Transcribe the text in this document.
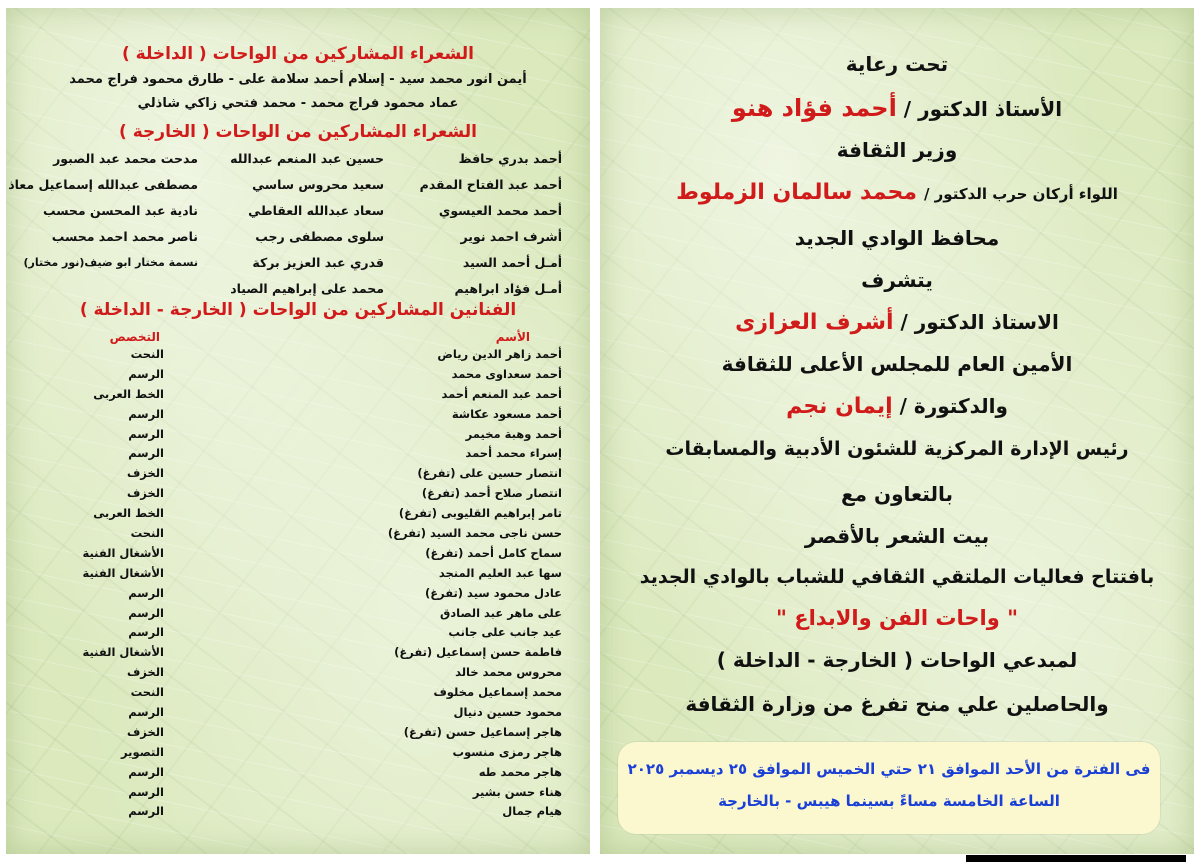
الشعراء المشاركين من الواحات ( الداخلة )
أيمن انور محمد سيد - إسلام أحمد سلامة على - طارق محمود فراج محمد
عماد محمود فراج محمد - محمد فتحي زاكي شاذلي
الشعراء المشاركين من الواحات ( الخارجة )
أحمد بدري حافظ
أحمد عبد الفتاح المقدم
أحمد محمد العيسوي
أشرف احمد نوير
أمـل أحمد السيد
أمـل فؤاد ابراهيم
حسين عبد المنعم عبدالله
سعيد محروس ساسي
سعاد عبدالله العقاطي
سلوى مصطفى رجب
قدري عبد العزيز بركة
محمد على إبراهيم الصياد
مدحت محمد عبد الصبور
مصطفى عبدالله إسماعيل معاذ
نادية عبد المحسن محسب
ناصر محمد احمد محسب
نسمة مختار ابو ضيف(نور مختار)
الفنانين المشاركين من الواحات ( الخارجة - الداخلة )
الأسم
التخصص
أحمد زاهر الدين رياض
أحمد سعداوى محمد
أحمد عبد المنعم أحمد
أحمد مسعود عكاشة
أحمد وهبة مخيمر
إسراء محمد أحمد
انتصار حسين على (تفرغ)
انتصار صلاح أحمد (تفرغ)
تامر إبراهيم القليوبى (تفرغ)
حسن ناجى محمد السيد (تفرغ)
سماح كامل أحمد (تفرغ)
سها عبد العليم المنجد
عادل محمود سيد (تفرغ)
على ماهر عبد الصادق
عيد جانب على جانب
فاطمة حسن إسماعيل (تفرغ)
محروس محمد خالد
محمد إسماعيل مخلوف
محمود حسين دنيال
هاجر إسماعيل حسن (تفرغ)
هاجر رمزى منسوب
هاجر محمد طه
هناء حسن بشير
هيام جمال
النحت
الرسم
الخط العربى
الرسم
الرسم
الرسم
الخزف
الخزف
الخط العربى
النحت
الأشغال الفنية
الأشغال الفنية
الرسم
الرسم
الرسم
الأشغال الفنية
الخزف
النحت
الرسم
الخزف
التصوير
الرسم
الرسم
الرسم
تحت رعاية
الأستاذ الدكتور / أحمد فؤاد هنو
وزير الثقافة
اللواء أركان حرب الدكتور / محمد سالمان الزملوط
محافظ الوادي الجديد
يتشرف
الاستاذ الدكتور / أشرف العزازى
الأمين العام للمجلس الأعلى للثقافة
والدكتورة / إيمان نجم
رئيس الإدارة المركزية للشئون الأدبية والمسابقات
بالتعاون مع
بيت الشعر بالأقصر
بافتتاح فعاليات الملتقي الثقافي للشباب بالوادي الجديد
" واحات الفن والابداع "
لمبدعي الواحات ( الخارجة - الداخلة )
والحاصلين علي منح تفرغ من وزارة الثقافة
فى الفترة من الأحد الموافق ٢١ حتي الخميس الموافق ٢٥ ديسمبر ٢٠٢٥
الساعة الخامسة مساءً بسينما هيبس - بالخارجة
